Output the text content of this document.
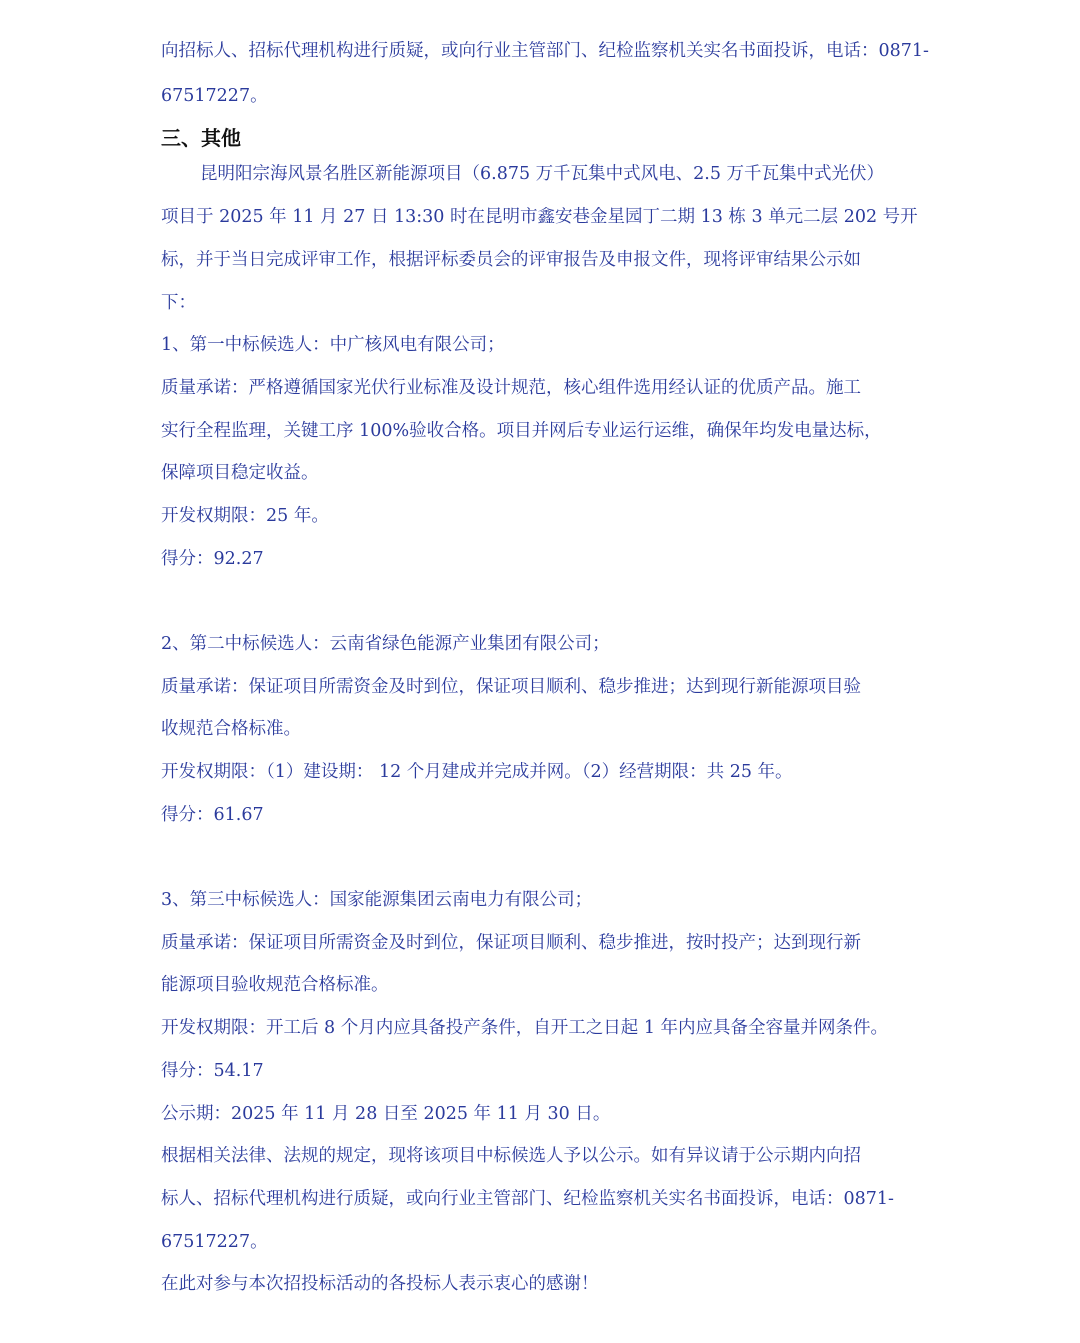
向招标人、招标代理机构进行质疑，或向行业主管部门、纪检监察机关实名书面投诉，电话：0871-
67517227。
三、其他
昆明阳宗海风景名胜区新能源项目（6.875 万千瓦集中式风电、2.5 万千瓦集中式光伏）
项目于 2025 年 11 月 27 日 13:30 时在昆明市鑫安巷金星园丁二期 13 栋 3 单元二层 202 号开
标，并于当日完成评审工作，根据评标委员会的评审报告及申报文件，现将评审结果公示如
下：
1、第一中标候选人：中广核风电有限公司；
质量承诺：严格遵循国家光伏行业标准及设计规范，核心组件选用经认证的优质产品。施工
实行全程监理，关键工序 100%验收合格。项目并网后专业运行运维，确保年均发电量达标，
保障项目稳定收益。
开发权期限：25 年。
得分：92.27
2、第二中标候选人：云南省绿色能源产业集团有限公司；
质量承诺：保证项目所需资金及时到位，保证项目顺利、稳步推进；达到现行新能源项目验
收规范合格标准。
开发权期限：（1）建设期： 12 个月建成并完成并网。（2）经营期限：共 25 年。
得分：61.67
3、第三中标候选人：国家能源集团云南电力有限公司；
质量承诺：保证项目所需资金及时到位，保证项目顺利、稳步推进，按时投产；达到现行新
能源项目验收规范合格标准。
开发权期限：开工后 8 个月内应具备投产条件，自开工之日起 1 年内应具备全容量并网条件。
得分：54.17
公示期：2025 年 11 月 28 日至 2025 年 11 月 30 日。
根据相关法律、法规的规定，现将该项目中标候选人予以公示。如有异议请于公示期内向招
标人、招标代理机构进行质疑，或向行业主管部门、纪检监察机关实名书面投诉，电话：0871-
67517227。
在此对参与本次招投标活动的各投标人表示衷心的感谢！
